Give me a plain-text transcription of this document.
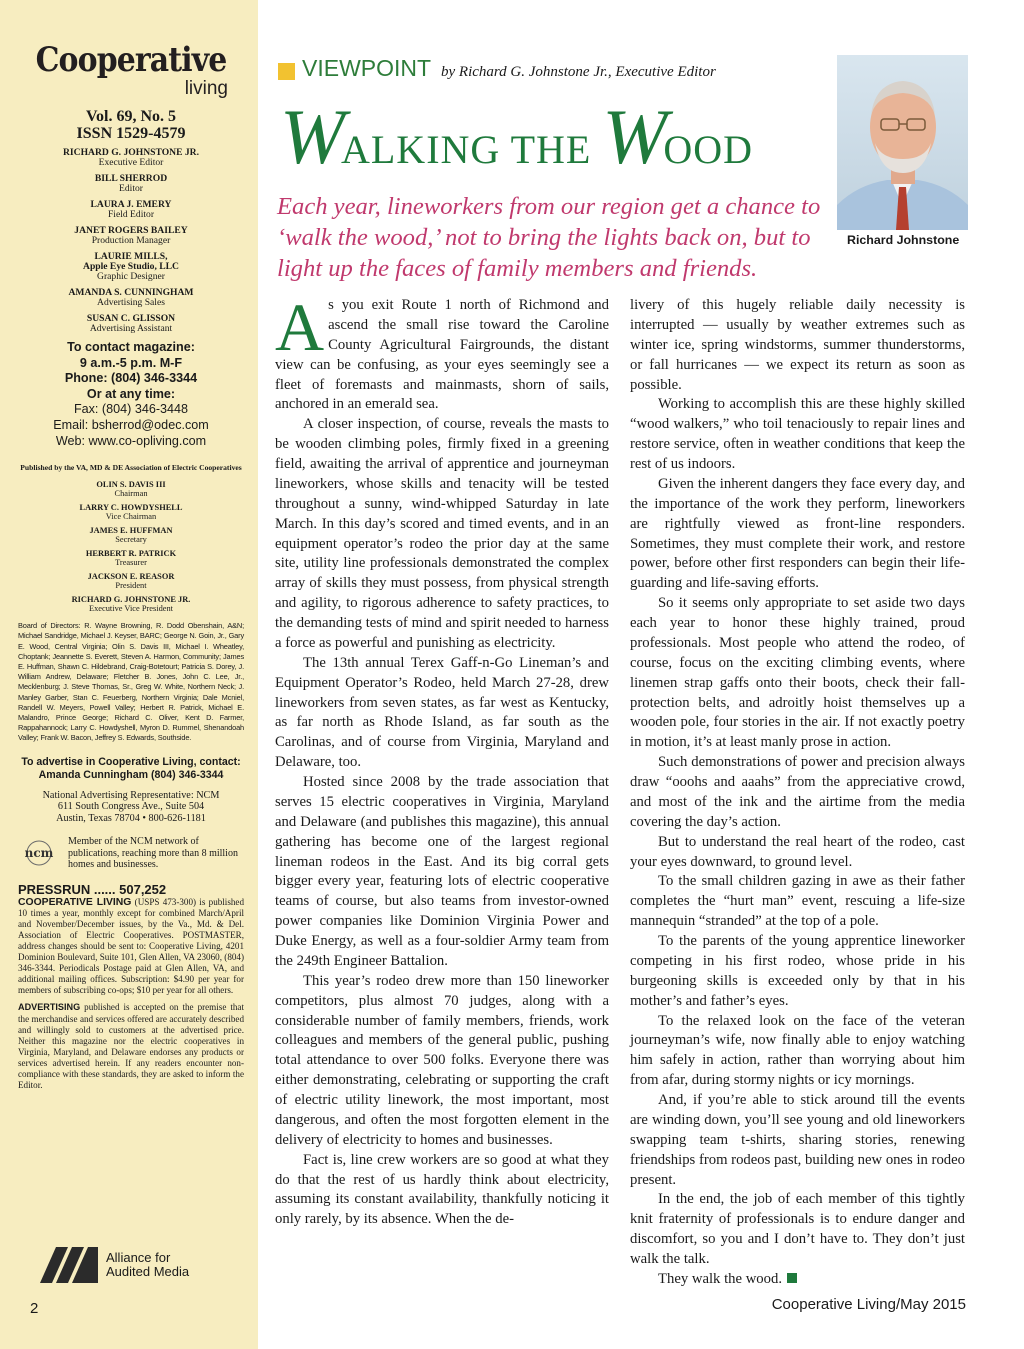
Cooperative
living
Vol. 69, No. 5
ISSN 1529-4579
RICHARD G. JOHNSTONE JR.
Executive Editor
BILL SHERROD
Editor
LAURA J. EMERY
Field Editor
JANET ROGERS BAILEY
Production Manager
LAURIE MILLS,
Apple Eye Studio, LLC
Graphic Designer
AMANDA S. CUNNINGHAM
Advertising Sales
SUSAN C. GLISSON
Advertising Assistant
To contact magazine:
9 a.m.-5 p.m. M-F
Phone: (804) 346-3344
Or at any time:
Fax: (804) 346-3448
Email: bsherrod@odec.com
Web: www.co-opliving.com
Published by the VA, MD & DE Association of Electric Cooperatives
OLIN S. DAVIS III
Chairman
LARRY C. HOWDYSHELL
Vice Chairman
JAMES E. HUFFMAN
Secretary
HERBERT R. PATRICK
Treasurer
JACKSON E. REASOR
President
RICHARD G. JOHNSTONE JR.
Executive Vice President
Board of Directors: R. Wayne Browning, R. Dodd Obenshain, A&N; Michael Sandridge, Michael J. Keyser, BARC; George N. Goin, Jr., Gary E. Wood, Central Virginia; Olin S. Davis III, Michael I. Wheatley, Choptank; Jeannette S. Everett, Steven A. Harmon, Community; James E. Huffman, Shawn C. Hildebrand, Craig-Botetourt; Patricia S. Dorey, J. William Andrew, Delaware; Fletcher B. Jones, John C. Lee, Jr., Mecklenburg; J. Steve Thomas, Sr., Greg W. White, Northern Neck; J. Manley Garber, Stan C. Feuerberg, Northern Virginia; Dale Mcniel, Randell W. Meyers, Powell Valley; Herbert R. Patrick, Michael E. Malandro, Prince George; Richard C. Oliver, Kent D. Farmer, Rappahannock; Larry C. Howdyshell, Myron D. Rummel, Shenandoah Valley; Frank W. Bacon, Jeffrey S. Edwards, Southside.
To advertise in Cooperative Living, contact:
Amanda Cunningham (804) 346-3344
National Advertising Representative: NCM
611 South Congress Ave., Suite 504
Austin, Texas 78704 • 800-626-1181
ncm
Member of the NCM network of publications, reaching more than 8 million homes and businesses.
PRESSRUN ...... 507,252
COOPERATIVE LIVING (USPS 473-300) is published 10 times a year, monthly except for combined March/April and November/December issues, by the Va., Md. & Del. Association of Electric Cooperatives. POSTMASTER, address changes should be sent to: Cooperative Living, 4201 Dominion Boulevard, Suite 101, Glen Allen, VA 23060, (804) 346-3344. Periodicals Postage paid at Glen Allen, VA, and additional mailing offices. Subscription: $4.90 per year for members of subscribing co-ops; $10 per year for all others.
ADVERTISING published is accepted on the premise that the merchandise and services offered are accurately described and willingly sold to customers at the advertised price. Neither this magazine nor the electric cooperatives in Virginia, Maryland, and Delaware endorses any products or services advertised herein. If any readers encounter non-compliance with these standards, they are asked to inform the Editor.
Alliance for
Audited Media
2
VIEWPOINT by Richard G. Johnstone Jr., Executive Editor
WALKING THE WOOD
Each year, lineworkers from our region get a chance to ‘walk the wood,’ not to bring the lights back on, but to light up the faces of family members and friends.
Richard Johnstone

As you exit Route 1 north of Richmond and ascend the small rise toward the Caroline County Agricultural Fairgrounds, the distant view can be confusing, as your eyes seemingly see a fleet of foremasts and mainmasts, shorn of sails, anchored in an emerald sea.

A closer inspection, of course, reveals the masts to be wooden climbing poles, firmly fixed in a greening field, awaiting the arrival of apprentice and journeyman lineworkers, whose skills and tenacity will be tested throughout a sunny, wind-whipped Saturday in late March. In this day’s scored and timed events, and in an equipment operator’s rodeo the prior day at the same site, utility line professionals demonstrated the complex array of skills they must possess, from physical strength and agility, to rigorous adherence to safety practices, to the demanding tests of mind and spirit needed to harness a force as powerful and punishing as electricity.

The 13th annual Terex Gaff-n-Go Lineman’s and Equipment Operator’s Rodeo, held March 27-28, drew lineworkers from seven states, as far west as Kentucky, as far north as Rhode Island, as far south as the Carolinas, and of course from Virginia, Maryland and Delaware, too.

Hosted since 2008 by the trade association that serves 15 electric cooperatives in Virginia, Maryland and Delaware (and publishes this magazine), this annual gathering has become one of the largest regional lineman rodeos in the East. And its big corral gets bigger every year, featuring lots of electric cooperative teams of course, but also teams from investor-owned power companies like Dominion Virginia Power and Duke Energy, as well as a four-soldier Army team from the 249th Engineer Battalion.

This year’s rodeo drew more than 150 lineworker competitors, plus almost 70 judges, along with a considerable number of family members, friends, work colleagues and members of the general public, pushing total attendance to over 500 folks. Everyone there was either demonstrating, celebrating or supporting the craft of electric utility linework, the most important, most dangerous, and often the most forgotten element in the delivery of electricity to homes and businesses.

Fact is, line crew workers are so good at what they do that the rest of us hardly think about electricity, assuming its constant availability, thankfully noticing it only rarely, by its absence. When the de-

livery of this hugely reliable daily necessity is interrupted — usually by weather extremes such as winter ice, spring windstorms, summer thunderstorms, or fall hurricanes — we expect its return as soon as possible.

Working to accomplish this are these highly skilled “wood walkers,” who toil tenaciously to repair lines and restore service, often in weather conditions that keep the rest of us indoors.

Given the inherent dangers they face every day, and the importance of the work they perform, lineworkers are rightfully viewed as front-line responders. Sometimes, they must complete their work, and restore power, before other first responders can begin their life-guarding and life-saving efforts.

So it seems only appropriate to set aside two days each year to honor these highly trained, proud professionals. Most people who attend the rodeo, of course, focus on the exciting climbing events, where linemen strap gaffs onto their boots, check their fall-protection belts, and adroitly hoist themselves up a wooden pole, four stories in the air. If not exactly poetry in motion, it’s at least manly prose in action.

Such demonstrations of power and precision always draw “ooohs and aaahs” from the appreciative crowd, and most of the ink and the airtime from the media covering the day’s action.

But to understand the real heart of the rodeo, cast your eyes downward, to ground level.

To the small children gazing in awe as their father completes the “hurt man” event, rescuing a life-size mannequin “stranded” at the top of a pole.

To the parents of the young apprentice lineworker competing in his first rodeo, whose pride in his burgeoning skills is exceeded only by that in his mother’s and father’s eyes.

To the relaxed look on the face of the veteran journeyman’s wife, now finally able to enjoy watching him safely in action, rather than worrying about him from afar, during stormy nights or icy mornings.

And, if you’re able to stick around till the events are winding down, you’ll see young and old lineworkers swapping team t-shirts, sharing stories, renewing friendships from rodeos past, building new ones in rodeo present.

In the end, the job of each member of this tightly knit fraternity of professionals is to endure danger and discomfort, so you and I don’t have to. They don’t just walk the talk.

They walk the wood.

Cooperative Living/May 2015
